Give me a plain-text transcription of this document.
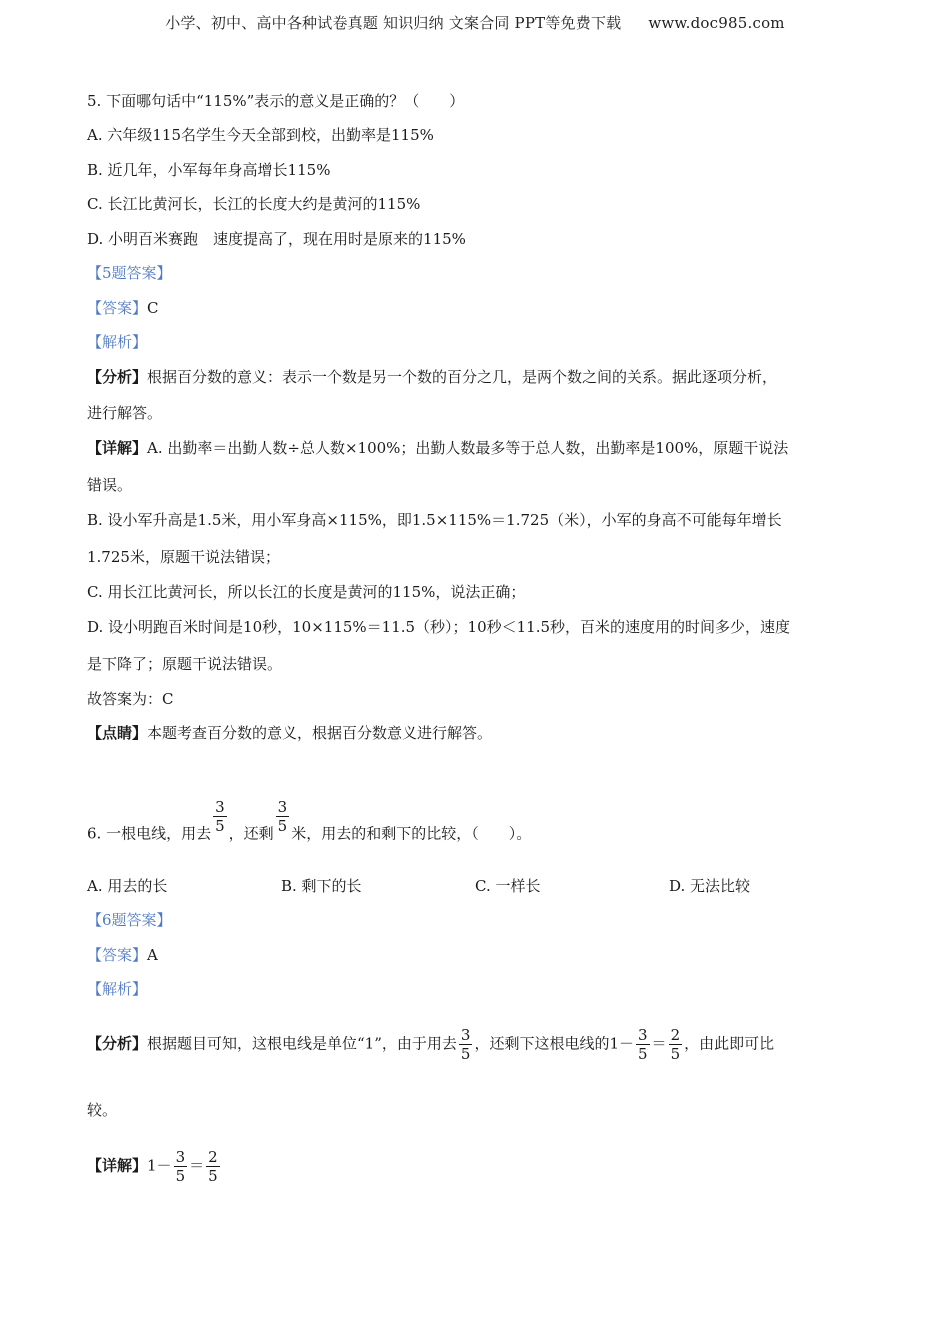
小学、初中、高中各种试卷真题 知识归纳 文案合同 PPT等免费下载 www.doc985.com
5. 下面哪句话中“115%”表示的意义是正确的？（　　）
A. 六年级115名学生今天全部到校，出勤率是115%
B. 近几年，小军每年身高增长115%
C. 长江比黄河长，长江的长度大约是黄河的115%
D. 小明百米赛跑　速度提高了，现在用时是原来的115%
【5题答案】
【答案】C
【解析】
【分析】根据百分数的意义：表示一个数是另一个数的百分之几，是两个数之间的关系。据此逐项分析，
进行解答。
【详解】A. 出勤率＝出勤人数÷总人数×100%；出勤人数最多等于总人数，出勤率是100%，原题干说法
错误。
B. 设小军升高是1.5米，用小军身高×115%，即1.5×115%＝1.725（米），小军的身高不可能每年增长
1.725米，原题干说法错误；
C. 用长江比黄河长，所以长江的长度是黄河的115%，说法正确；
D. 设小明跑百米时间是10秒，10×115%＝11.5（秒）；10秒＜11.5秒，百米的速度用的时间多少，速度
是下降了；原题干说法错误。
故答案为：C
【点睛】本题考查百分数的意义，根据百分数意义进行解答。
6. 一根电线，用去 $\frac{3}{5}$ ，还剩 $\frac{3}{5}$ 米，用去的和剩下的比较，（　　）。
A. 用去的长	B. 剩下的长	C. 一样长	D. 无法比较
【6题答案】
【答案】A
【解析】
【分析】根据题目可知，这根电线是单位“1”，由于用去 $\frac{3}{5}$ ，还剩下这根电线的$1- \frac{3}{5} = \frac{2}{5}$ ，由此即可比
较。
【详解】$1- \frac{3}{5} = \frac{2}{5}$
